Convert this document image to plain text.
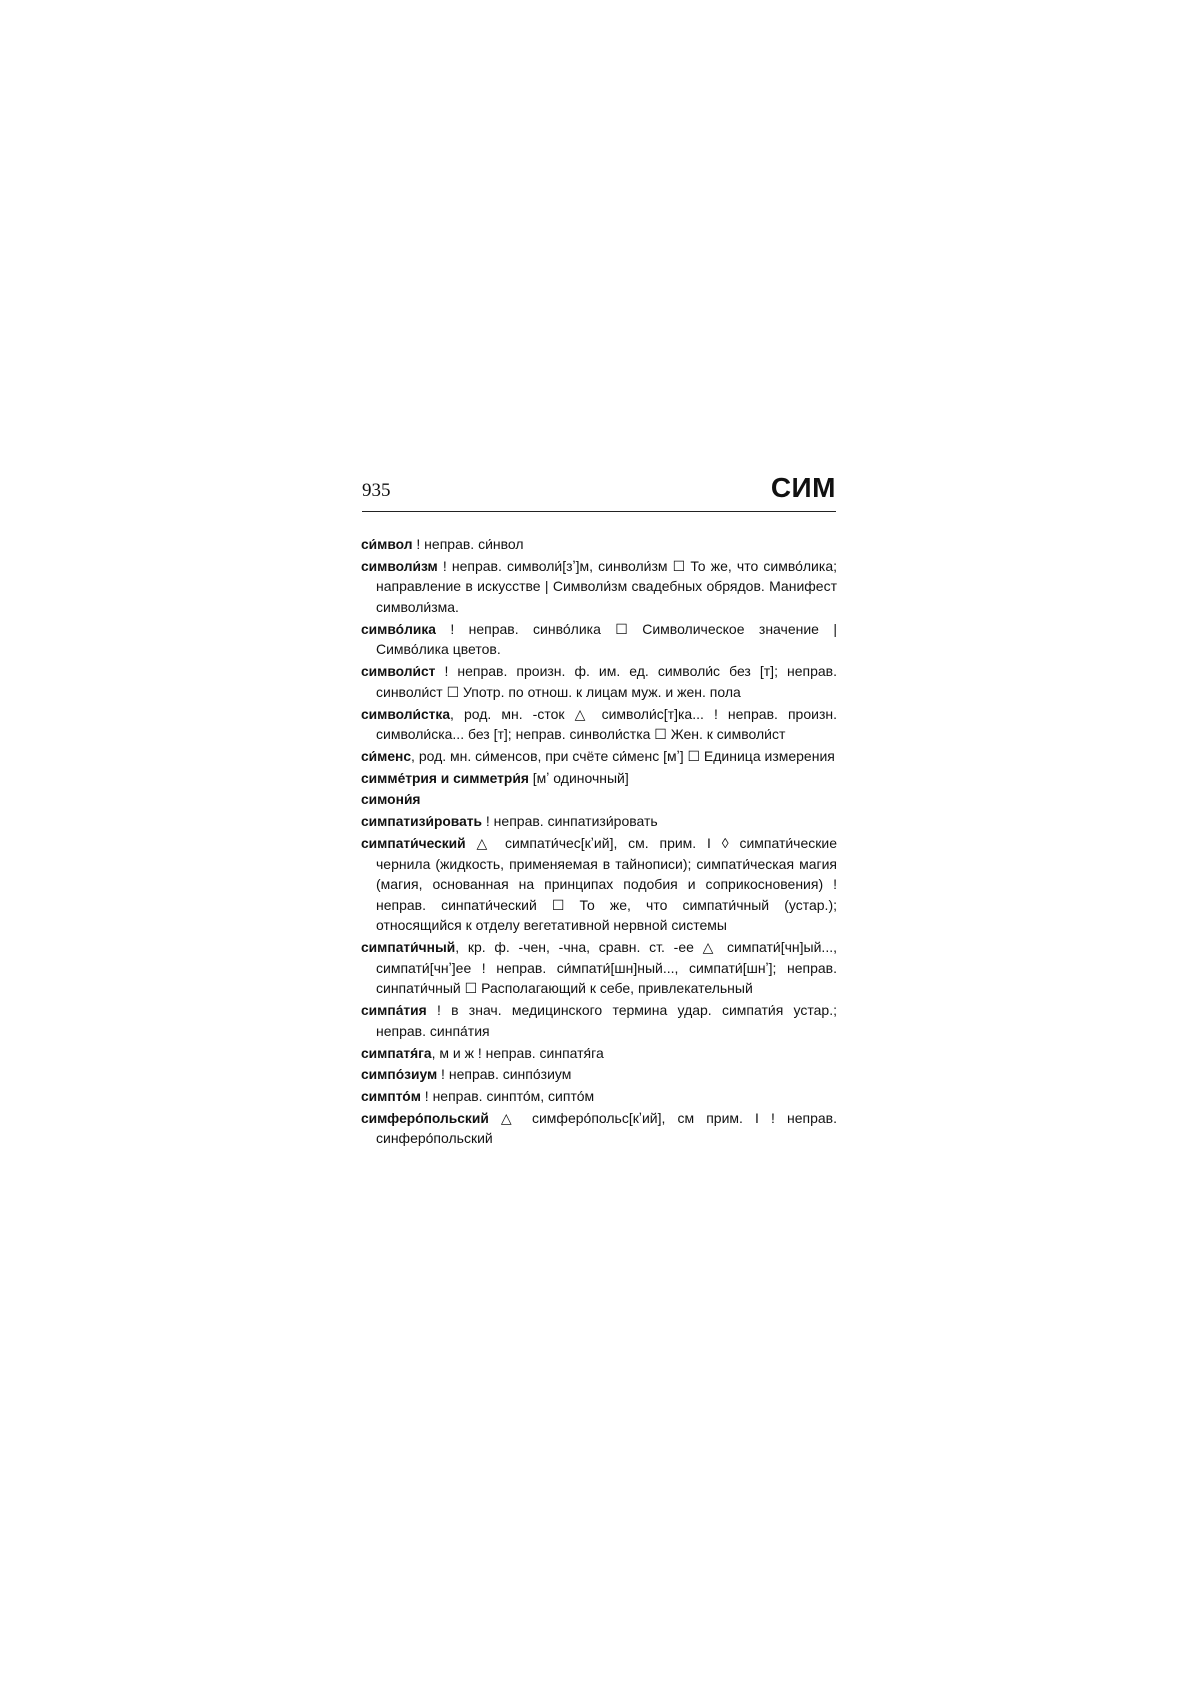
935	СИМ

си́мвол ! неправ. си́нвол

символи́зм ! неправ. символи́[зʼ]м, синволи́зм ☐ То же, что симво́лика; направление в искусстве | Символи́зм свадебных обрядов. Манифест символи́зма.

симво́лика ! неправ. синво́лика ☐ Символическое значение | Симво́лика цветов.

символи́ст ! неправ. произн. ф. им. ед. символи́с без [т]; неправ. синволи́ст ☐ Употр. по отнош. к лицам муж. и жен. пола

символи́стка, род. мн. -сток △ символи́с[т]ка... ! неправ. произн. символи́ска... без [т]; неправ. синволи́стка ☐ Жен. к символи́ст

си́менс, род. мн. си́менсов, при счёте си́менс [мʼ] ☐ Единица измерения

симме́трия и симметри́я [мʼ одиночный]

симони́я

симпатизи́ровать ! неправ. синпатизи́ровать

симпати́ческий △ симпати́чес[кʼий], см. прим. I ◊ симпати́ческие чернила (жидкость, применяемая в тайнописи); симпати́ческая магия (магия, основанная на принципах подобия и соприкосновения) ! неправ. синпати́ческий ☐ То же, что симпати́чный (устар.); относящийся к отделу вегетативной нервной системы

симпати́чный, кр. ф. -чен, -чна, сравн. ст. -ее △ симпати́[чн]ый..., симпати́[чнʼ]ее ! неправ. си́мпати́[шн]ный..., симпати́[шнʼ]; неправ. синпати́чный ☐ Располагающий к себе, привлекательный

симпа́тия ! в знач. медицинского термина удар. симпати́я устар.; неправ. синпа́тия

симпатя́га, м и ж ! неправ. синпатя́га

симпо́зиум ! неправ. синпо́зиум

симпто́м ! неправ. синпто́м, сипто́м

симферо́польский △ симферо́польс[кʼий], см прим. I ! неправ. синферо́польский
